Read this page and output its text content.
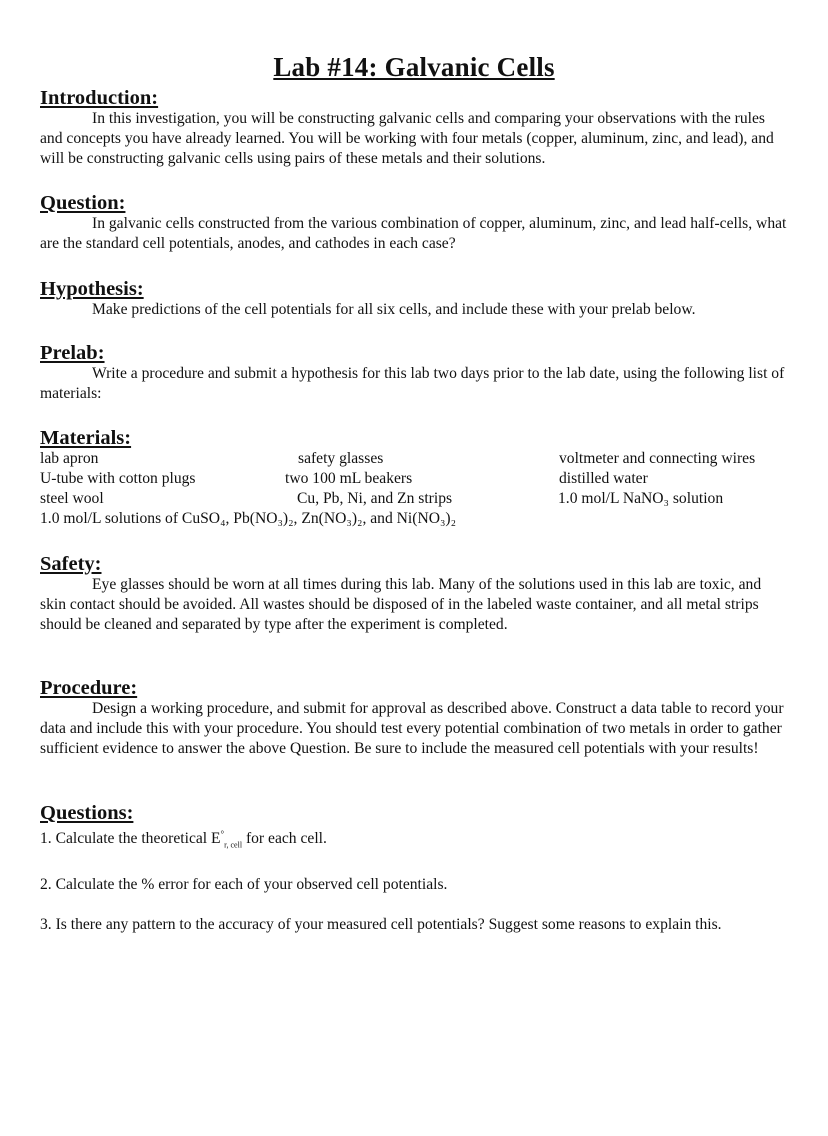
Lab #14: Galvanic Cells

Introduction:

In this investigation, you will be constructing galvanic cells and comparing your observations with the rules and concepts you have already learned. You will be working with four metals (copper, aluminum, zinc, and lead), and will be constructing galvanic cells using pairs of these metals and their solutions.

Question:

In galvanic cells constructed from the various combination of copper, aluminum, zinc, and lead half-cells, what are the standard cell potentials, anodes, and cathodes in each case?

Hypothesis:

Make predictions of the cell potentials for all six cells, and include these with your prelab below.

Prelab:

Write a procedure and submit a hypothesis for this lab two days prior to the lab date, using the following list of materials:

Materials:

lab apron	safety glasses	voltmeter and connecting wires
U-tube with cotton plugs	two 100 mL beakers	distilled water
steel wool	Cu, Pb, Ni, and Zn strips	1.0 mol/L NaNO₃ solution
1.0 mol/L solutions of CuSO₄, Pb(NO₃)₂, Zn(NO₃)₂, and Ni(NO₃)₂

Safety:

Eye glasses should be worn at all times during this lab. Many of the solutions used in this lab are toxic, and skin contact should be avoided. All wastes should be disposed of in the labeled waste container, and all metal strips should be cleaned and separated by type after the experiment is completed.

Procedure:

Design a working procedure, and submit for approval as described above. Construct a data table to record your data and include this with your procedure. You should test every potential combination of two metals in order to gather sufficient evidence to answer the above Question. Be sure to include the measured cell potentials with your results!

Questions:

1. Calculate the theoretical $E^\circ_{r, cell}$ for each cell.

2. Calculate the % error for each of your observed cell potentials.

3. Is there any pattern to the accuracy of your measured cell potentials? Suggest some reasons to explain this.
